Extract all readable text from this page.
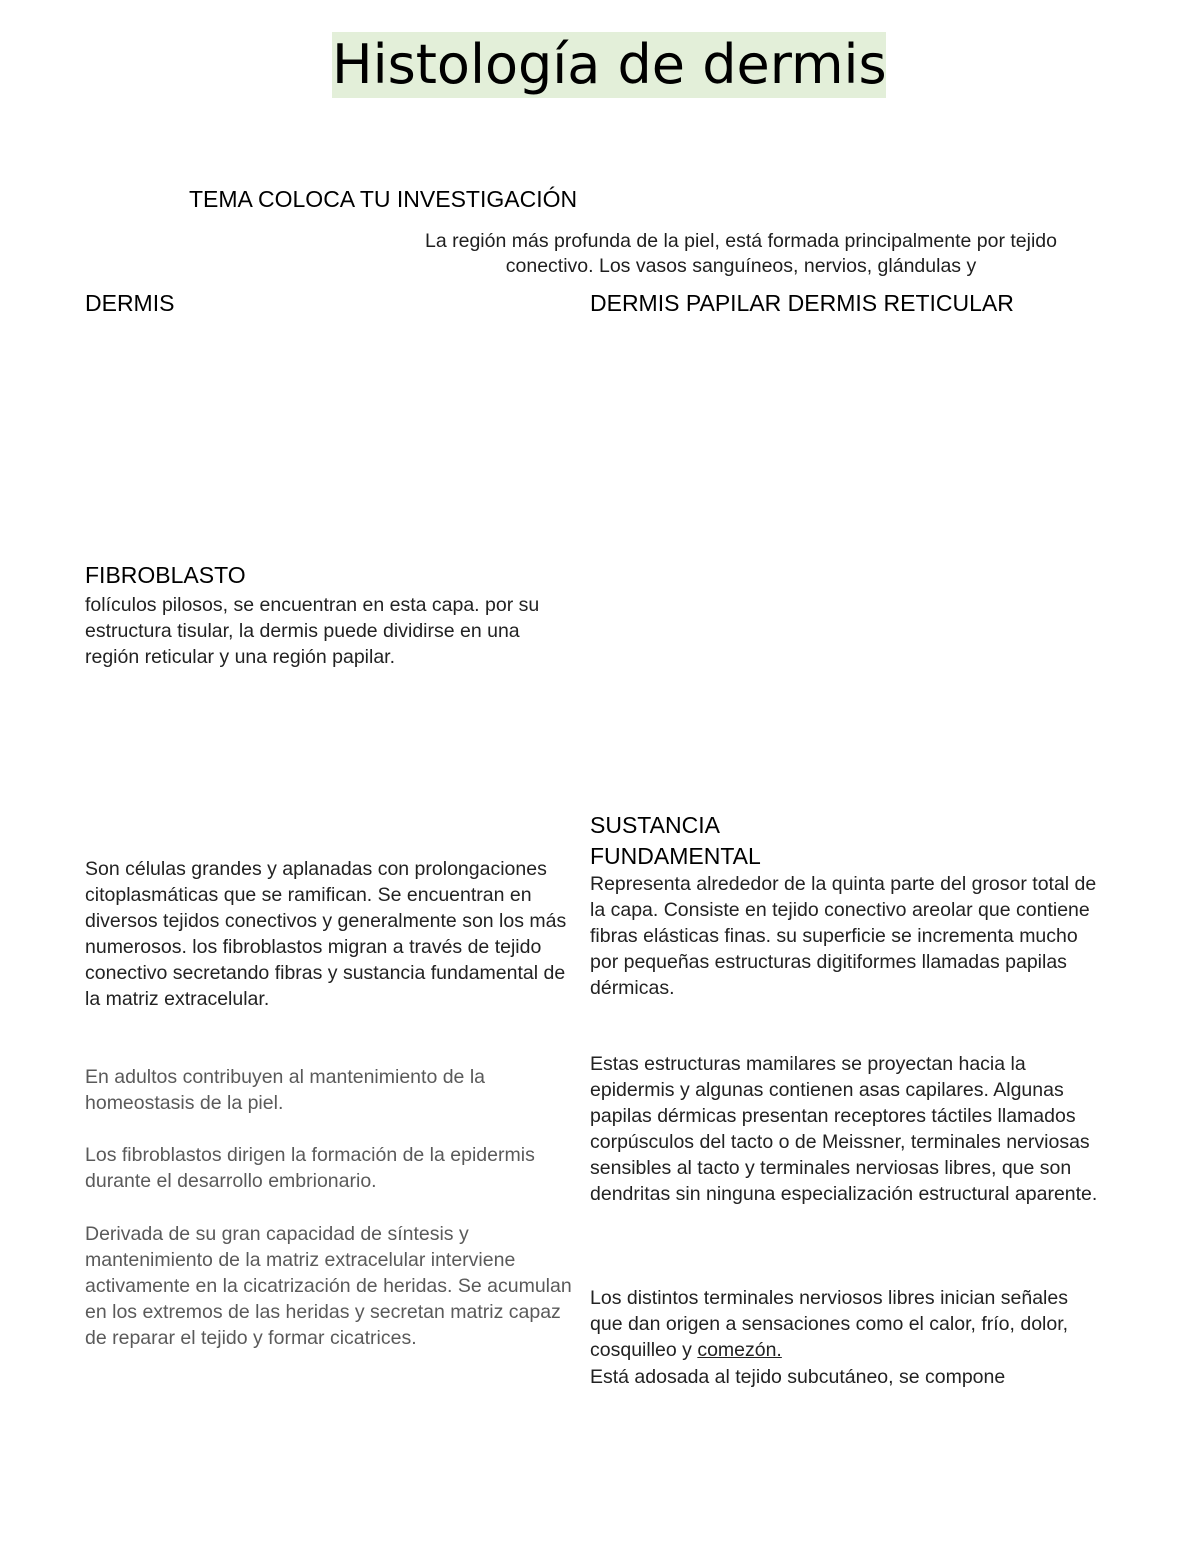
Histología de dermis

TEMA COLOCA TU INVESTIGACIÓN

La región más profunda de la piel, está formada principalmente por tejido conectivo. Los vasos sanguíneos, nervios, glándulas y

DERMIS	DERMIS PAPILAR DERMIS RETICULAR

FIBROBLASTO

folículos pilosos, se encuentran en esta capa. por su estructura tisular, la dermis puede dividirse en una región reticular y una región papilar.

Son células grandes y aplanadas con prolongaciones citoplasmáticas que se ramifican. Se encuentran en diversos tejidos conectivos y generalmente son los más numerosos. los fibroblastos migran a través de tejido conectivo secretando fibras y sustancia fundamental de la matriz extracelular.

En adultos contribuyen al mantenimiento de la homeostasis de la piel.

Los fibroblastos dirigen la formación de la epidermis durante el desarrollo embrionario.

Derivada de su gran capacidad de síntesis y mantenimiento de la matriz extracelular interviene activamente en la cicatrización de heridas. Se acumulan en los extremos de las heridas y secretan matriz capaz de reparar el tejido y formar cicatrices.

SUSTANCIA FUNDAMENTAL

Representa alrededor de la quinta parte del grosor total de la capa. Consiste en tejido conectivo areolar que contiene fibras elásticas finas. su superficie se incrementa mucho por pequeñas estructuras digitiformes llamadas papilas dérmicas.

Estas estructuras mamilares se proyectan hacia la epidermis y algunas contienen asas capilares. Algunas papilas dérmicas presentan receptores táctiles llamados corpúsculos del tacto o de Meissner, terminales nerviosas sensibles al tacto y terminales nerviosas libres, que son dendritas sin ninguna especialización estructural aparente.

Los distintos terminales nerviosos libres inician señales que dan origen a sensaciones como el calor, frío, dolor, cosquilleo y comezón.

Está adosada al tejido subcutáneo, se compone
